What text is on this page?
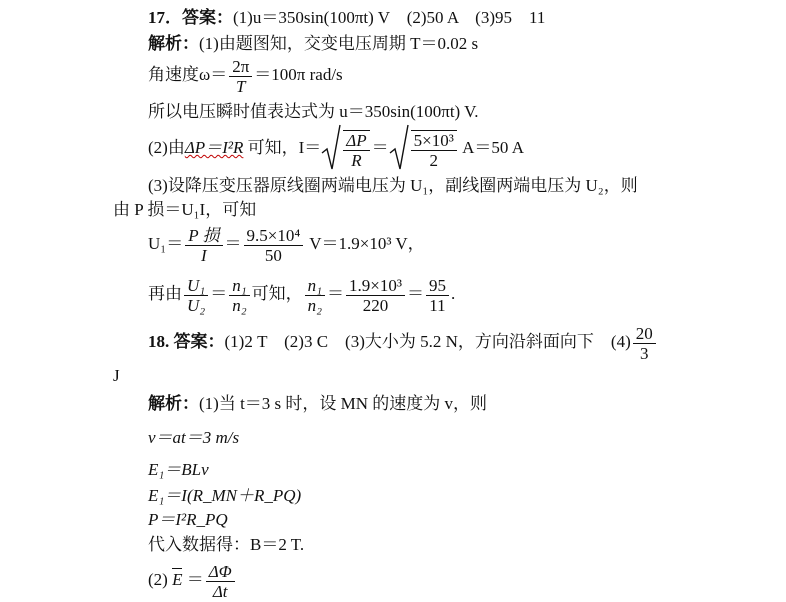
17．答案：(1)u＝350sin(100πt) V　(2)50 A　(3)95　11
解析：(1)由题图知，交变电压周期 T＝0.02 s
角速度$\omega= \frac{2\pi}{T} =100\pi$ rad/s
所以电压瞬时值表达式为 u＝350sin(100πt) V.
(2)由ΔP＝I²R 可知，$I= \frac{\Delta P}{R} = \frac{\text{5×10³}}{2} A=50$ A
(3)设降压变压器原线圈两端电压为 U₁，副线圈两端电压为 U₂，则
由 P 损＝U₁I，可知
$U_1= \frac{\text{P 损}}{I} = \frac{\text{9.5×10⁴}}{50} V=1.9\times 10^3$ V，
再由 $\frac{\text{U₁}}{\text{U₂}} = \frac{\text{n₁}}{\text{n₂}}$ 可知， $\frac{\text{n₁}}{\text{n₂}} = \frac{\text{1.9×10³}}{220} = \frac{95}{11}$ .
18. 答案：(1)2 T　(2)3 C　(3)大小为 5.2 N，方向沿斜面向下　$(4) \frac{20}{3}$
J
解析：(1)当 t＝3 s 时，设 MN 的速度为 v，则
v＝at＝3 m/s
E₁＝BLv
E₁＝I(R_MN＋R_PQ)
P＝I²R_PQ
代入数据得：B＝2 T.
(2) $E = \frac{\Delta\Phi}{\Delta t}$
